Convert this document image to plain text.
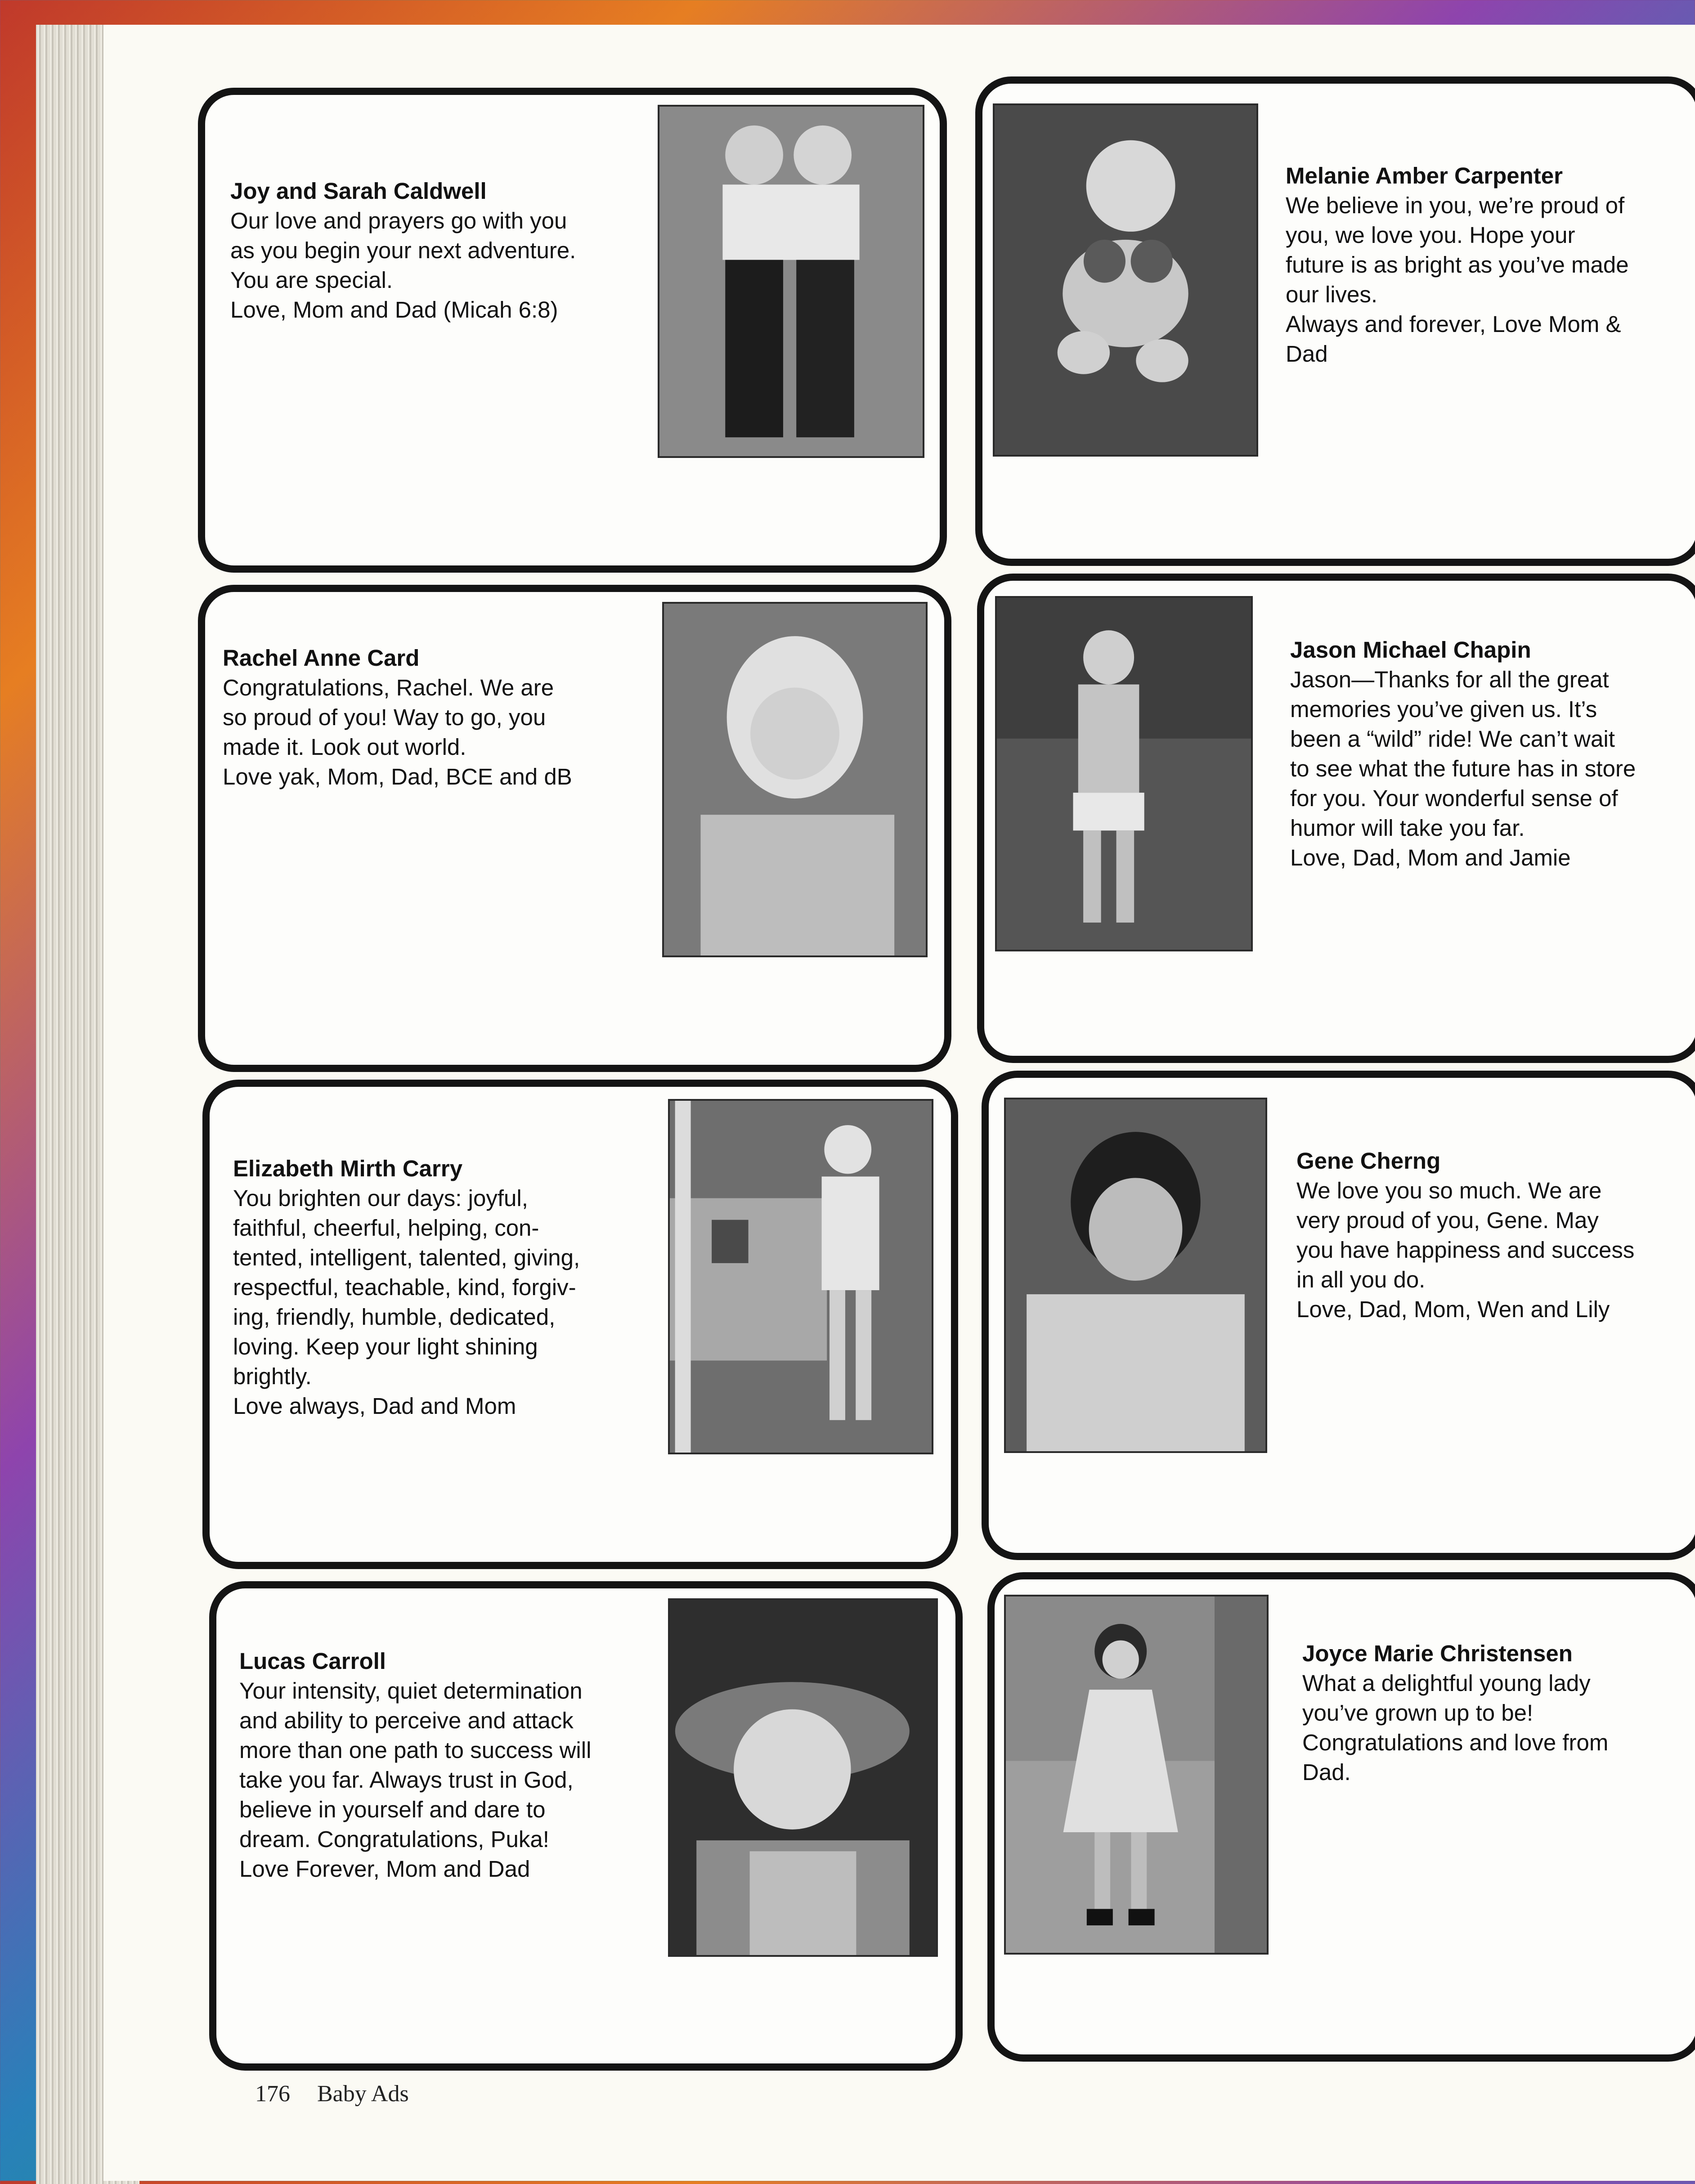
Joy and Sarah Caldwell
Our love and prayers go with you
as you begin your next adventure.
You are special.
Love, Mom and Dad (Micah 6:8)
Melanie Amber Carpenter
We believe in you, we’re proud of
you, we love you. Hope your
future is as bright as you’ve made
our lives.
Always and forever, Love Mom &
Dad
Rachel Anne Card
Congratulations, Rachel. We are
so proud of you! Way to go, you
made it. Look out world.
Love yak, Mom, Dad, BCE and dB
Jason Michael Chapin
Jason—Thanks for all the great
memories you’ve given us. It’s
been a “wild” ride! We can’t wait
to see what the future has in store
for you. Your wonderful sense of
humor will take you far.
Love, Dad, Mom and Jamie
Elizabeth Mirth Carry
You brighten our days: joyful,
faithful, cheerful, helping, con-
tented, intelligent, talented, giving,
respectful, teachable, kind, forgiv-
ing, friendly, humble, dedicated,
loving. Keep your light shining
brightly.
Love always, Dad and Mom
Gene Cherng
We love you so much. We are
very proud of you, Gene. May
you have happiness and success
in all you do.
Love, Dad, Mom, Wen and Lily
Lucas Carroll
Your intensity, quiet determination
and ability to perceive and attack
more than one path to success will
take you far. Always trust in God,
believe in yourself and dare to
dream. Congratulations, Puka!
Love Forever, Mom and Dad
Joyce Marie Christensen
What a delightful young lady
you’ve grown up to be!
Congratulations and love from
Dad.
176 Baby Ads
